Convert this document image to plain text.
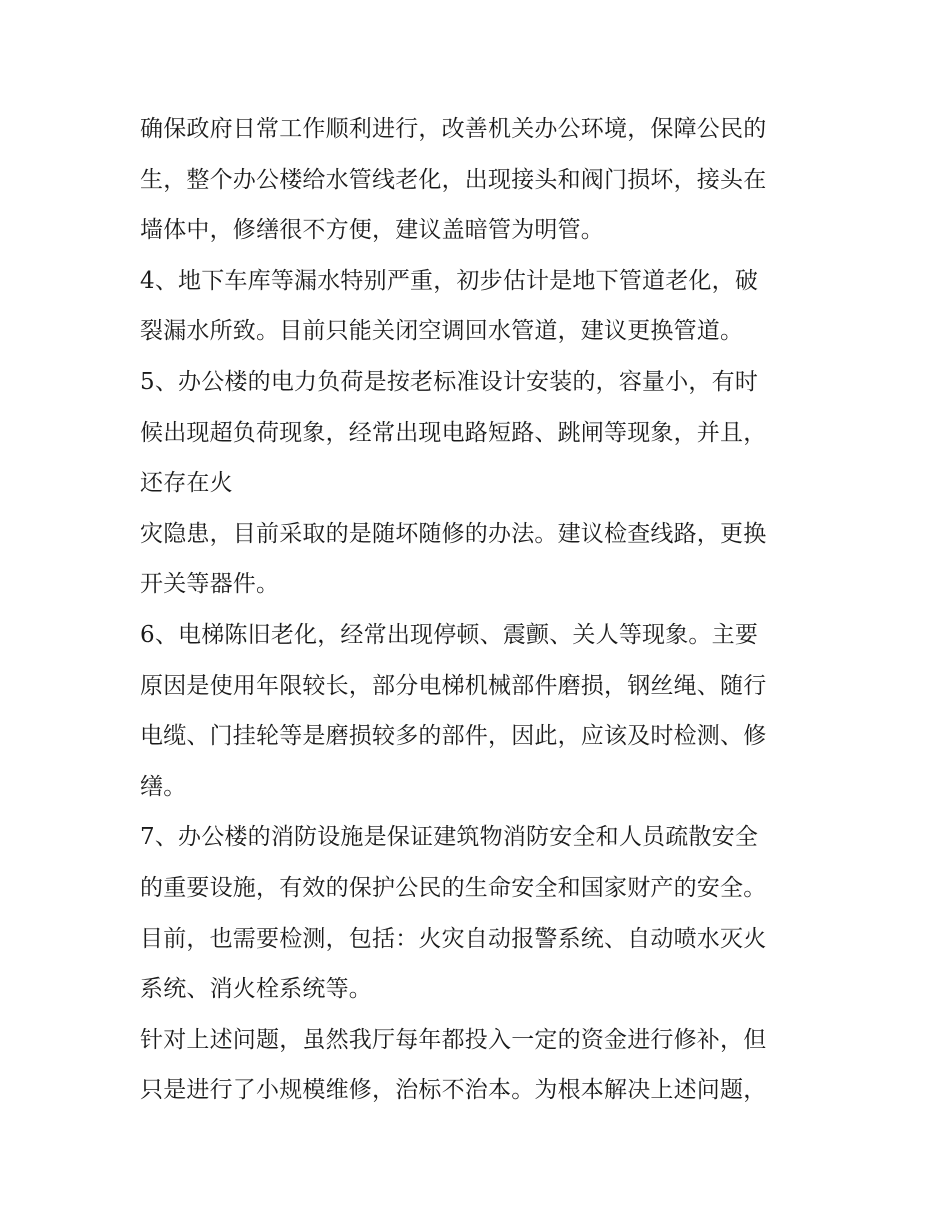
确保政府日常工作顺利进行，改善机关办公环境，保障公民的
生，整个办公楼给水管线老化，出现接头和阀门损坏，接头在
墙体中，修缮很不方便，建议盖暗管为明管。
4、地下车库等漏水特别严重，初步估计是地下管道老化，破
裂漏水所致。目前只能关闭空调回水管道，建议更换管道。
5、办公楼的电力负荷是按老标准设计安装的，容量小，有时
候出现超负荷现象，经常出现电路短路、跳闸等现象，并且，
还存在火
灾隐患，目前采取的是随坏随修的办法。建议检查线路，更换
开关等器件。
6、电梯陈旧老化，经常出现停顿、震颤、关人等现象。主要
原因是使用年限较长，部分电梯机械部件磨损，钢丝绳、随行
电缆、门挂轮等是磨损较多的部件，因此，应该及时检测、修
缮。
7、办公楼的消防设施是保证建筑物消防安全和人员疏散安全
的重要设施，有效的保护公民的生命安全和国家财产的安全。
目前，也需要检测，包括：火灾自动报警系统、自动喷水灭火
系统、消火栓系统等。
针对上述问题，虽然我厅每年都投入一定的资金进行修补，但
只是进行了小规模维修，治标不治本。为根本解决上述问题，
